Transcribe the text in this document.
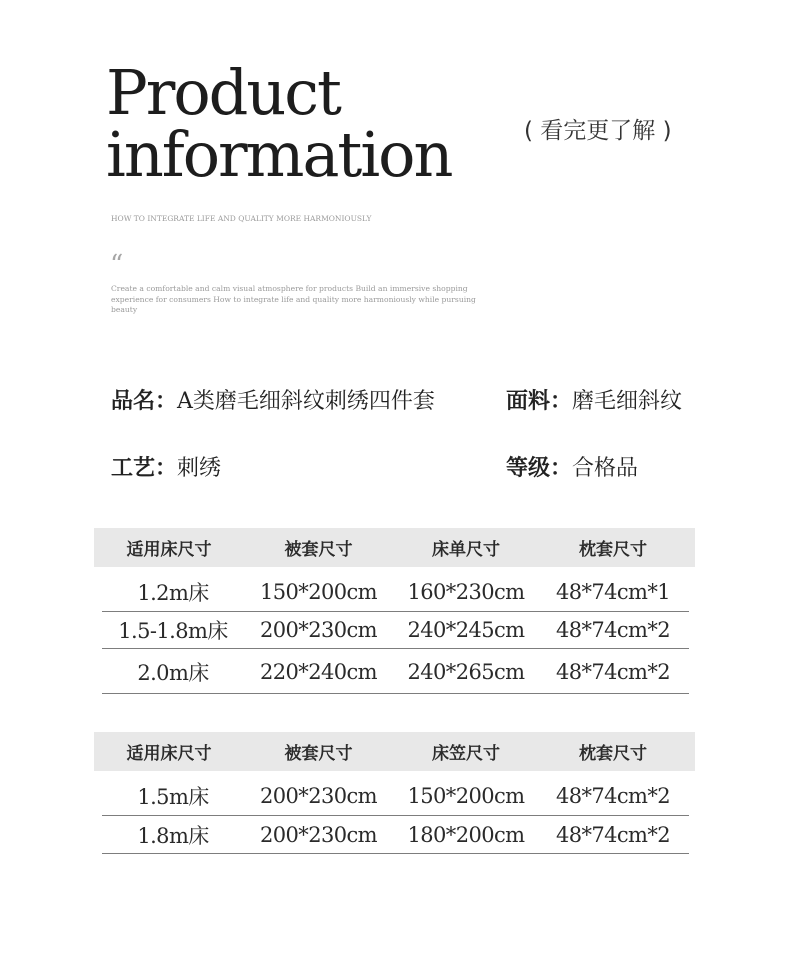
Product
information	( 看完更了解 )
HOW TO INTEGRATE LIFE AND QUALITY MORE HARMONIOUSLY
“
Create a comfortable and calm visual atmosphere for products Build an immersive shopping experience for consumers How to integrate life and quality more harmoniously while pursuing beauty
品名：A类磨毛细斜纹刺绣四件套	面料：磨毛细斜纹
工艺：刺绣	等级：合格品
适用床尺寸	被套尺寸	床单尺寸	枕套尺寸
1.2m床	150*200cm	160*230cm	48*74cm*1
1.5-1.8m床	200*230cm	240*245cm	48*74cm*2
2.0m床	220*240cm	240*265cm	48*74cm*2
适用床尺寸	被套尺寸	床笠尺寸	枕套尺寸
1.5m床	200*230cm	150*200cm	48*74cm*2
1.8m床	200*230cm	180*200cm	48*74cm*2
